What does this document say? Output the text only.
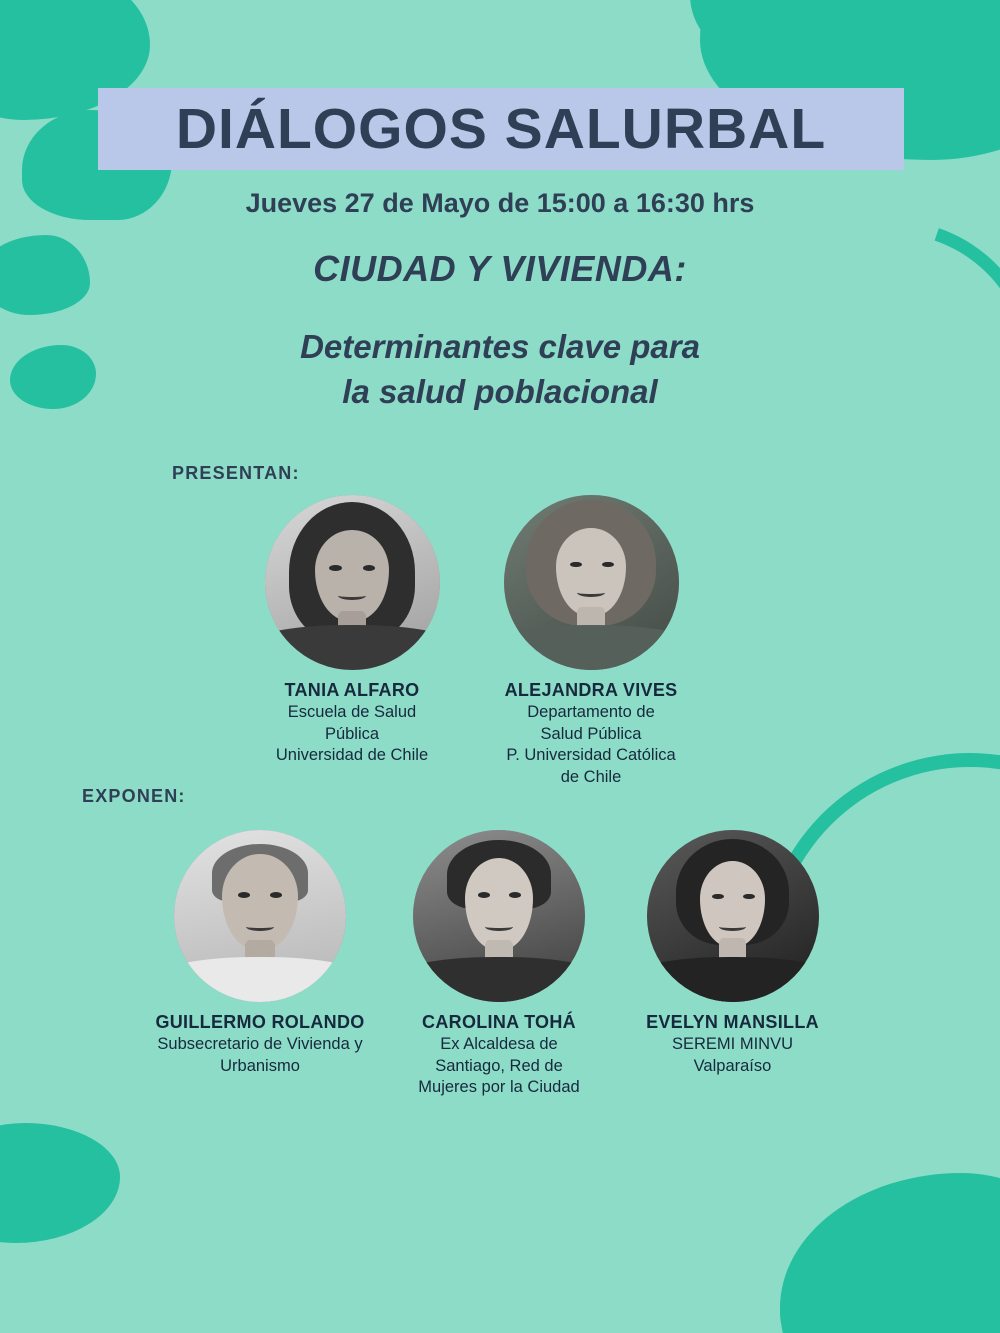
DIÁLOGOS SALURBAL
Jueves 27 de Mayo de 15:00 a 16:30 hrs
CIUDAD Y VIVIENDA:
Determinantes clave para
la salud poblacional
PRESENTAN:
EXPONEN:
TANIA ALFARO
Escuela de Salud
Pública
Universidad de Chile
ALEJANDRA VIVES
Departamento de
Salud Pública
P. Universidad Católica
de Chile
GUILLERMO ROLANDO
Subsecretario de Vivienda y
Urbanismo
CAROLINA TOHÁ
Ex Alcaldesa de
Santiago, Red de
Mujeres por la Ciudad
EVELYN MANSILLA
SEREMI MINVU
Valparaíso
